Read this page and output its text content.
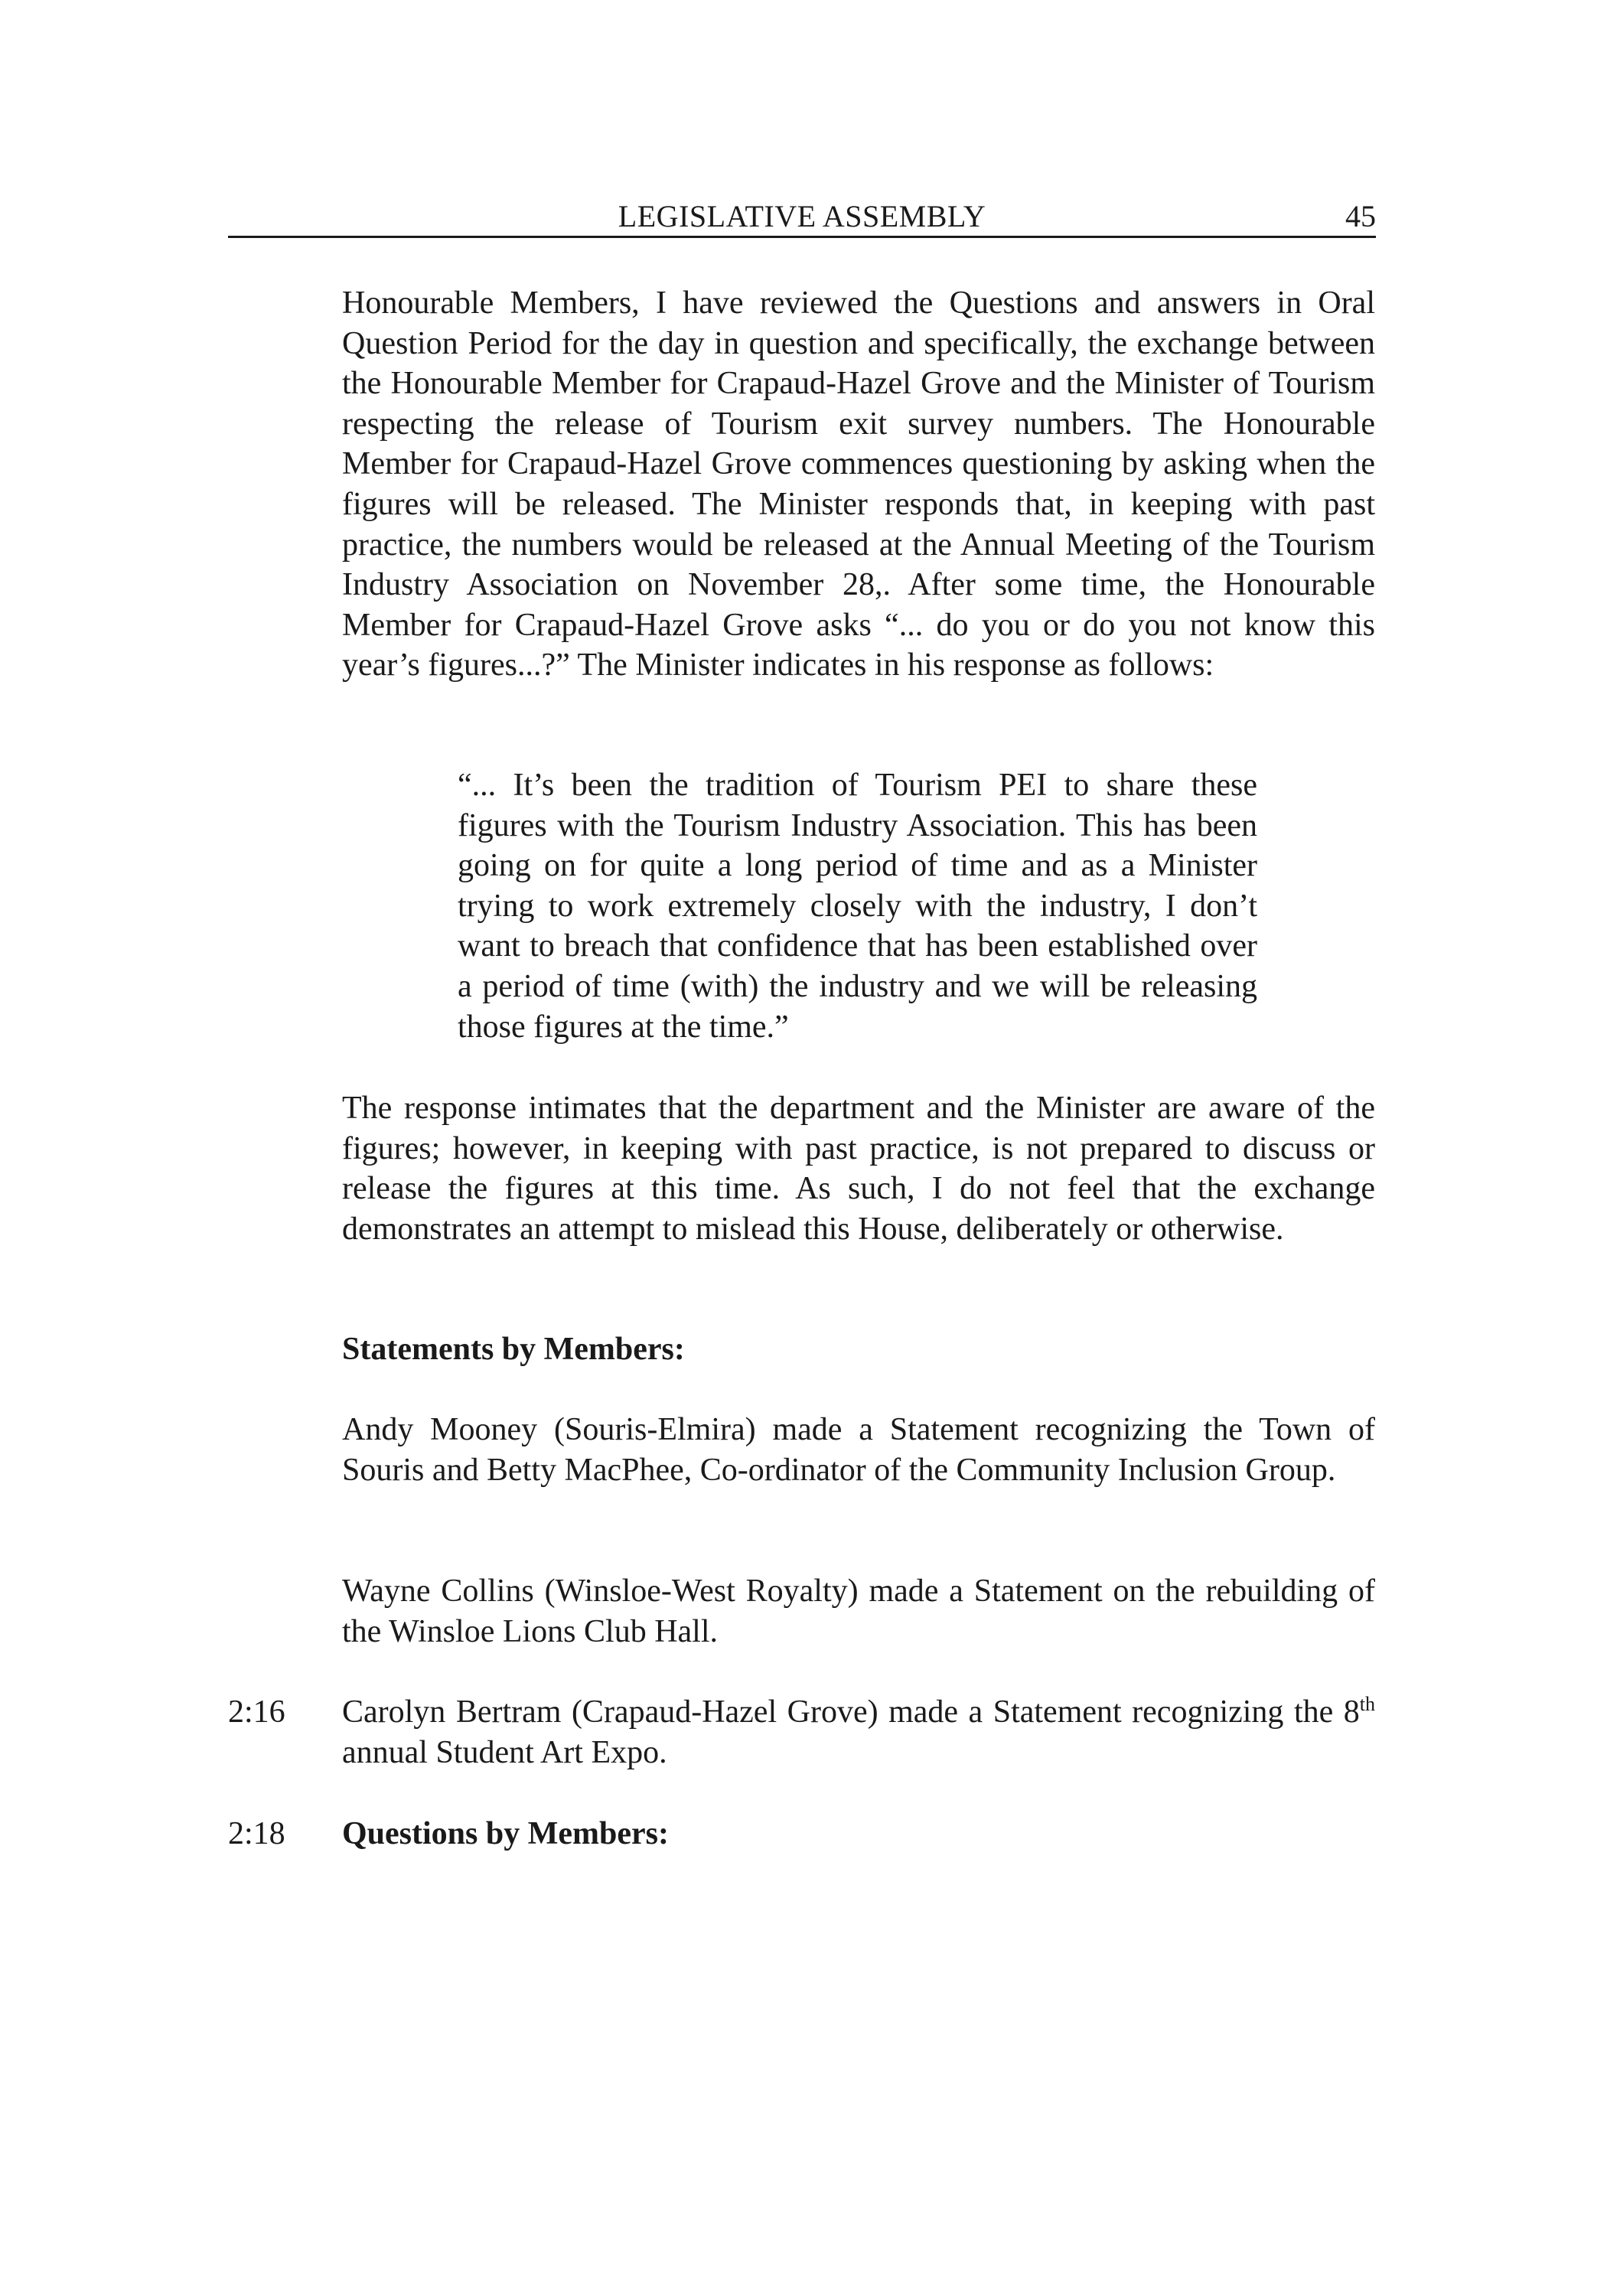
LEGISLATIVE ASSEMBLY	45

Honourable Members, I have reviewed the Questions and answers in Oral Question Period for the day in question and specifically, the exchange between the Honourable Member for Crapaud-Hazel Grove and the Minister of Tourism respecting the release of Tourism exit survey numbers. The Honourable Member for Crapaud-Hazel Grove commences questioning by asking when the figures will be released. The Minister responds that, in keeping with past practice, the numbers would be released at the Annual Meeting of the Tourism Industry Association on November 28,. After some time, the Honourable Member for Crapaud-Hazel Grove asks “... do you or do you not know this year’s figures...?” The Minister indicates in his response as follows:

“... It’s been the tradition of Tourism PEI to share these figures with the Tourism Industry Association. This has been going on for quite a long period of time and as a Minister trying to work extremely closely with the industry, I don’t want to breach that confidence that has been established over a period of time (with) the industry and we will be releasing those figures at the time.”

The response intimates that the department and the Minister are aware of the figures; however, in keeping with past practice, is not prepared to discuss or release the figures at this time. As such, I do not feel that the exchange demonstrates an attempt to mislead this House, deliberately or otherwise.

Statements by Members:

Andy Mooney (Souris-Elmira) made a Statement recognizing the Town of Souris and Betty MacPhee, Co-ordinator of the Community Inclusion Group.

Wayne Collins (Winsloe-West Royalty) made a Statement on the rebuilding of the Winsloe Lions Club Hall.

2:16 Carolyn Bertram (Crapaud-Hazel Grove) made a Statement recognizing the 8th annual Student Art Expo.

2:18 Questions by Members:
